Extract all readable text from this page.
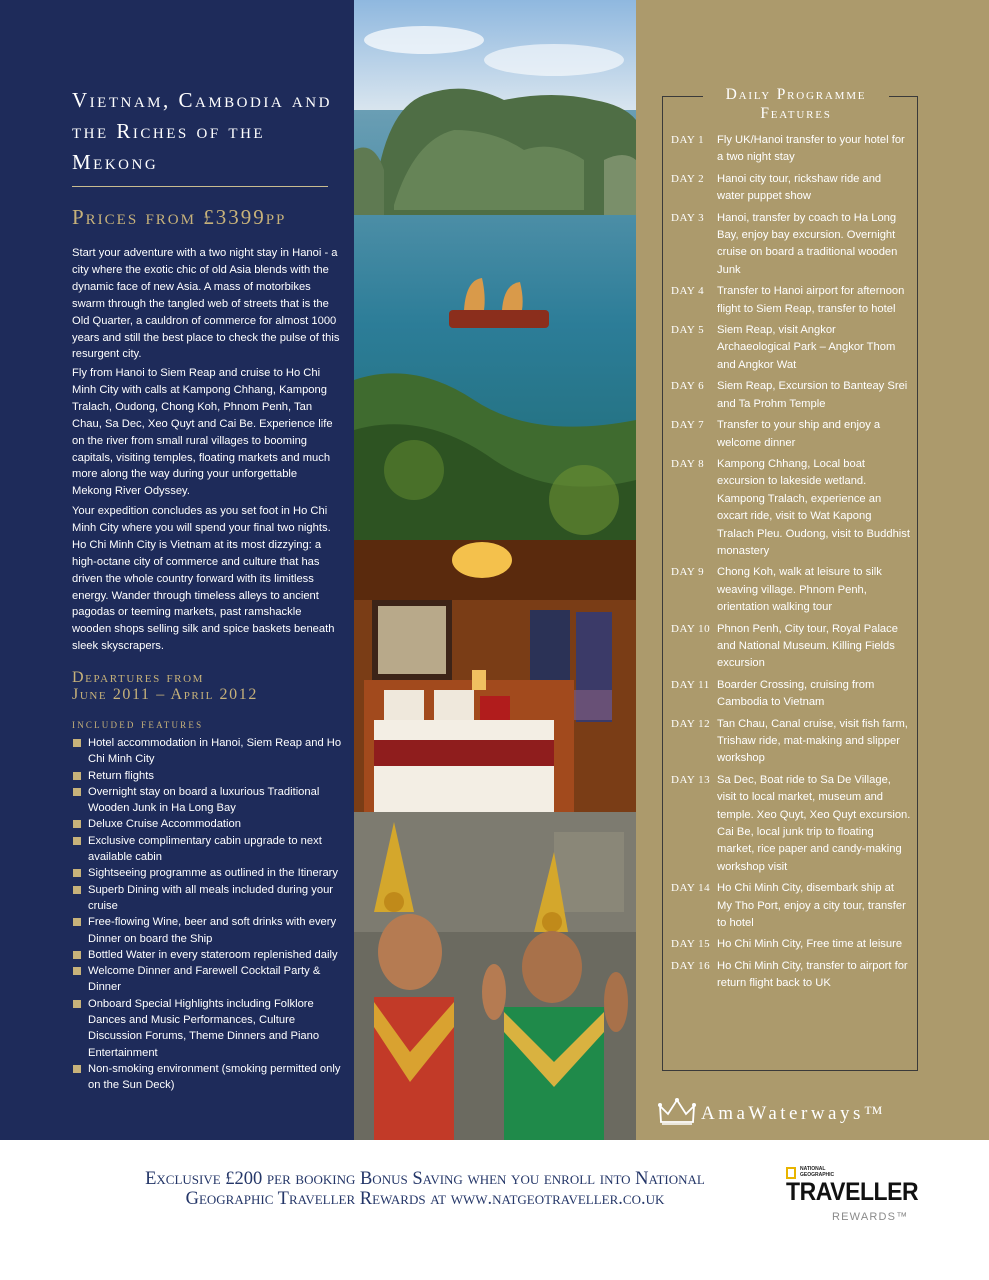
Vietnam, Cambodia and the Riches of the Mekong
Prices from £3399pp

Start your adventure with a two night stay in Hanoi - a city where the exotic chic of old Asia blends with the dynamic face of new Asia. A mass of motorbikes swarm through the tangled web of streets that is the Old Quarter, a cauldron of commerce for almost 1000 years and still the best place to check the pulse of this resurgent city.

Fly from Hanoi to Siem Reap and cruise to Ho Chi Minh City with calls at Kampong Chhang, Kampong Tralach, Oudong, Chong Koh, Phnom Penh, Tan Chau, Sa Dec, Xeo Quyt and Cai Be. Experience life on the river from small rural villages to booming capitals, visiting temples, floating markets and much more along the way during your unforgettable Mekong River Odyssey.

Your expedition concludes as you set foot in Ho Chi Minh City where you will spend your final two nights. Ho Chi Minh City is Vietnam at its most dizzying: a high-octane city of commerce and culture that has driven the whole country forward with its limitless energy. Wander through timeless alleys to ancient pagodas or teeming markets, past ramshackle wooden shops selling silk and spice baskets beneath sleek skyscrapers.

Departures from
June 2011 – April 2012
included features
Hotel accommodation in Hanoi, Siem Reap and Ho Chi Minh City
Return flights
Overnight stay on board a luxurious Traditional Wooden Junk in Ha Long Bay
Deluxe Cruise Accommodation
Exclusive complimentary cabin upgrade to next available cabin
Sightseeing programme as outlined in the Itinerary
Superb Dining with all meals included during your cruise
Free-flowing Wine, beer and soft drinks with every Dinner on board the Ship
Bottled Water in every stateroom replenished daily
Welcome Dinner and Farewell Cocktail Party & Dinner
Onboard Special Highlights including Folklore Dances and Music Performances, Culture Discussion Forums, Theme Dinners and Piano Entertainment
Non-smoking environment (smoking permitted only on the Sun Deck)
Daily Programme
Features
DAY 1	Fly UK/Hanoi transfer to your hotel for a two night stay
DAY 2	Hanoi city tour, rickshaw ride and water puppet show
DAY 3	Hanoi, transfer by coach to Ha Long Bay, enjoy bay excursion. Overnight cruise on board a traditional wooden Junk
DAY 4	Transfer to Hanoi airport for afternoon flight to Siem Reap, transfer to hotel
DAY 5	Siem Reap, visit Angkor Archaeological Park – Angkor Thom and Angkor Wat
DAY 6	Siem Reap, Excursion to Banteay Srei and Ta Prohm Temple
DAY 7	Transfer to your ship and enjoy a welcome dinner
DAY 8	Kampong Chhang, Local boat excursion to lakeside wetland. Kampong Tralach, experience an oxcart ride, visit to Wat Kapong Tralach Pleu. Oudong, visit to Buddhist monastery
DAY 9	Chong Koh, walk at leisure to silk weaving village. Phnom Penh, orientation walking tour
DAY 10 Phnon Penh, City tour, Royal Palace and National Museum. Killing Fields excursion
DAY 11 Boarder Crossing, cruising from Cambodia to Vietnam
DAY 12 Tan Chau, Canal cruise, visit fish farm, Trishaw ride, mat-making and slipper workshop
DAY 13 Sa Dec, Boat ride to Sa De Village, visit to local market, museum and temple. Xeo Quyt, Xeo Quyt excursion. Cai Be, local junk trip to floating market, rice paper and candy-making workshop visit
DAY 14 Ho Chi Minh City, disembark ship at My Tho Port, enjoy a city tour, transfer to hotel
DAY 15 Ho Chi Minh City, Free time at leisure
DAY 16 Ho Chi Minh City, transfer to airport for return flight back to UK

AmaWaterways™

Exclusive £200 per booking Bonus Saving when you enroll into National
Geographic Traveller Rewards at www.natgeotraveller.co.uk

NATIONAL GEOGRAPHIC

TRAVELLER

REWARDS™
